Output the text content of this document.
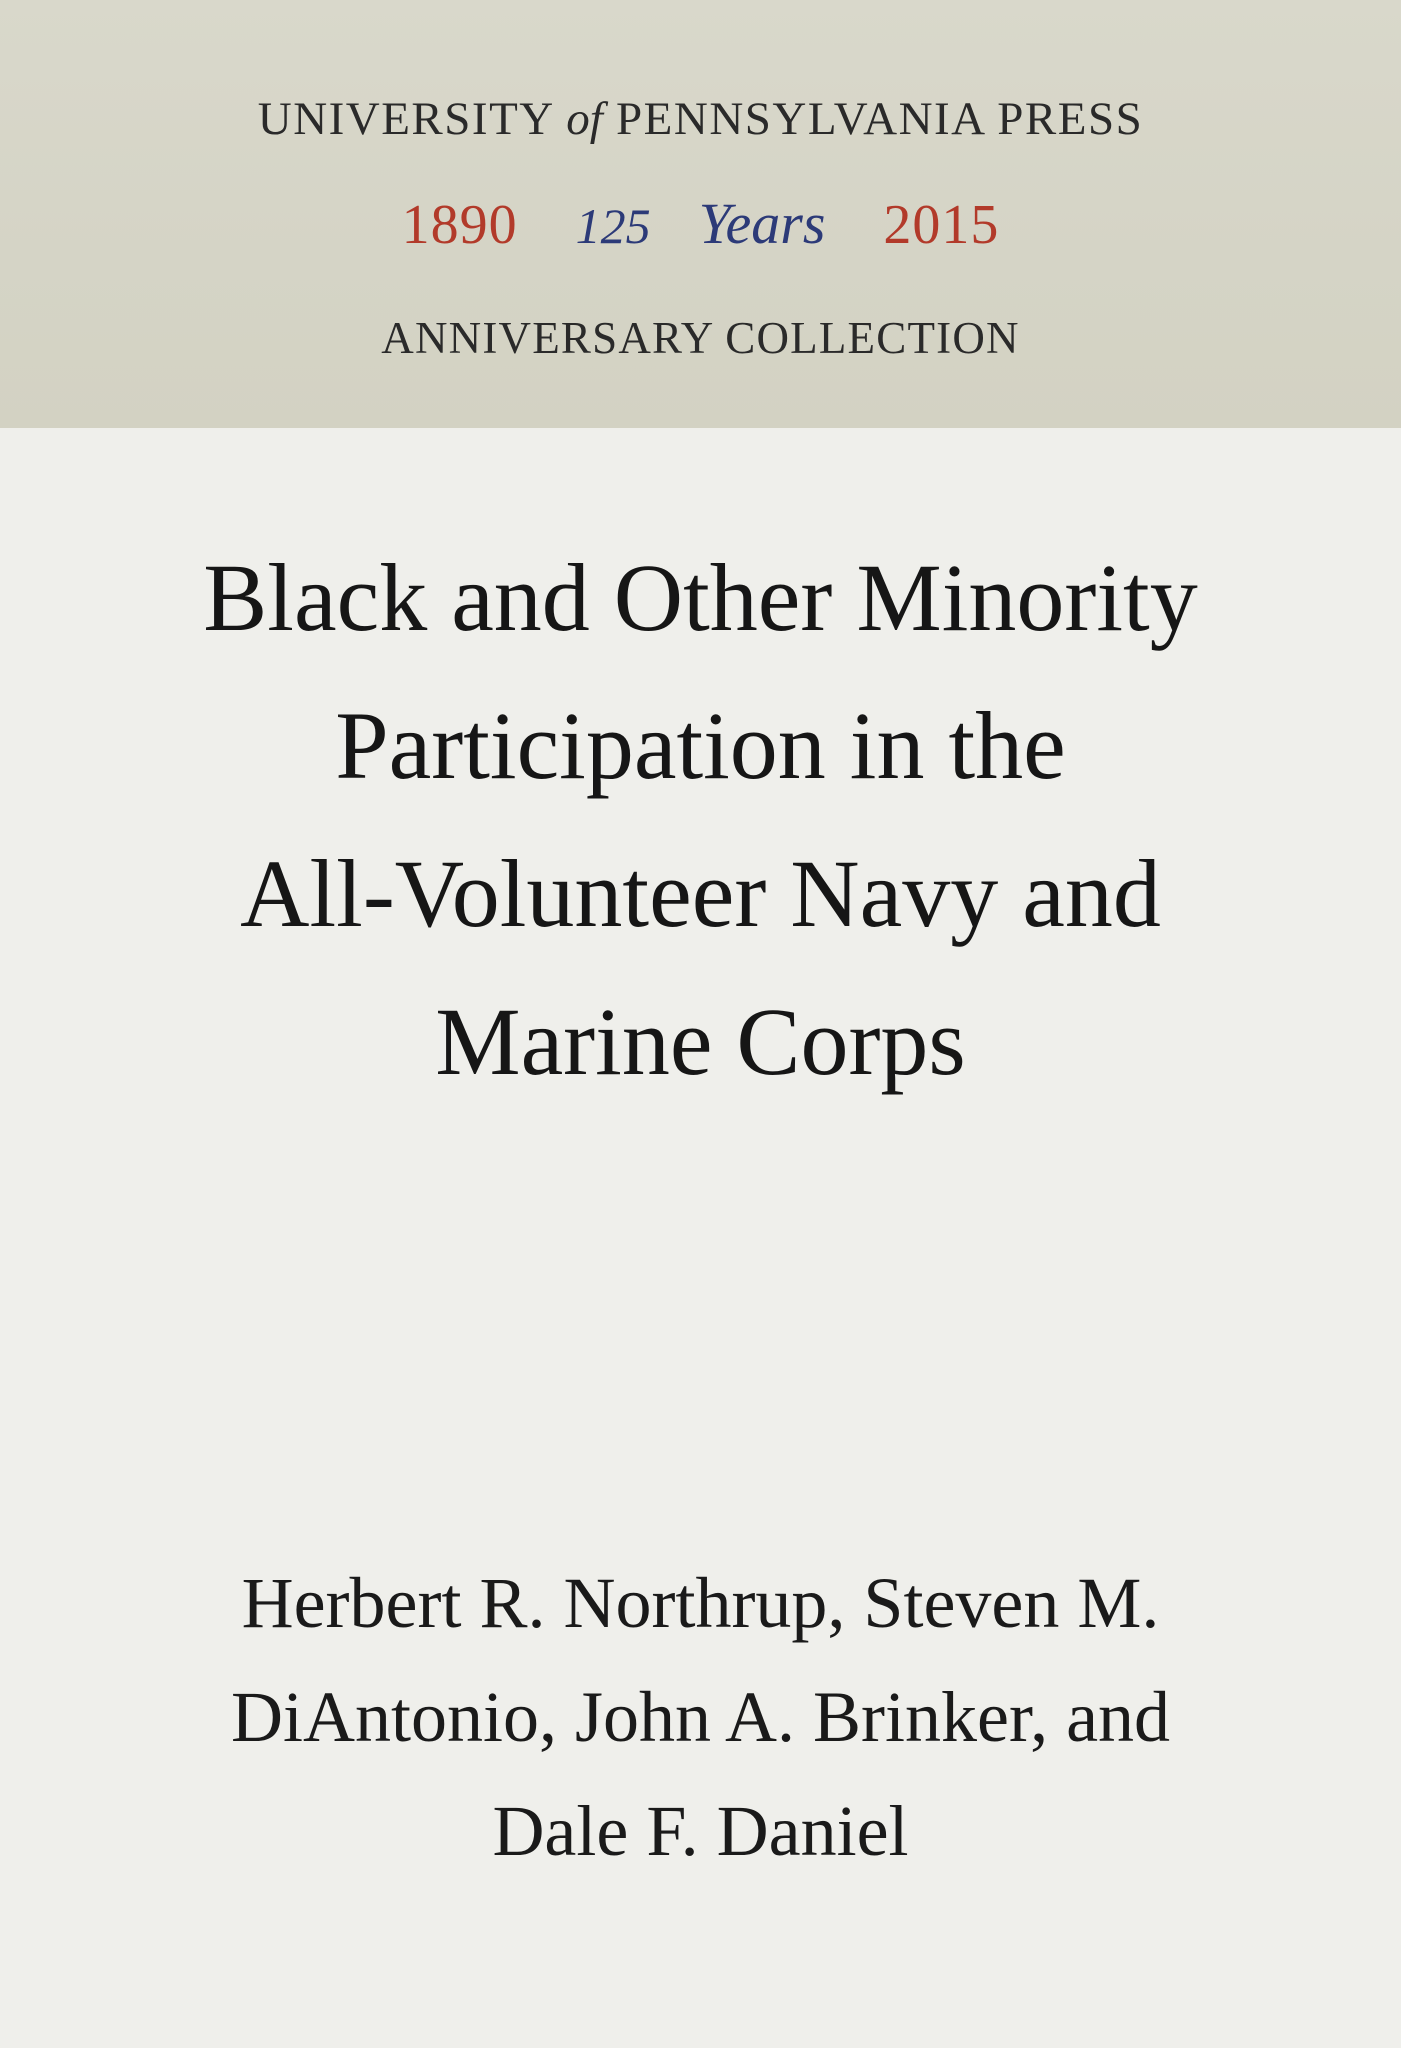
UNIVERSITY of PENNSYLVANIA PRESS
1890 125 Years 2015
ANNIVERSARY COLLECTION
Black and Other Minority
Participation in the
All-Volunteer Navy and
Marine Corps
Herbert R. Northrup, Steven M.
DiAntonio, John A. Brinker, and
Dale F. Daniel
